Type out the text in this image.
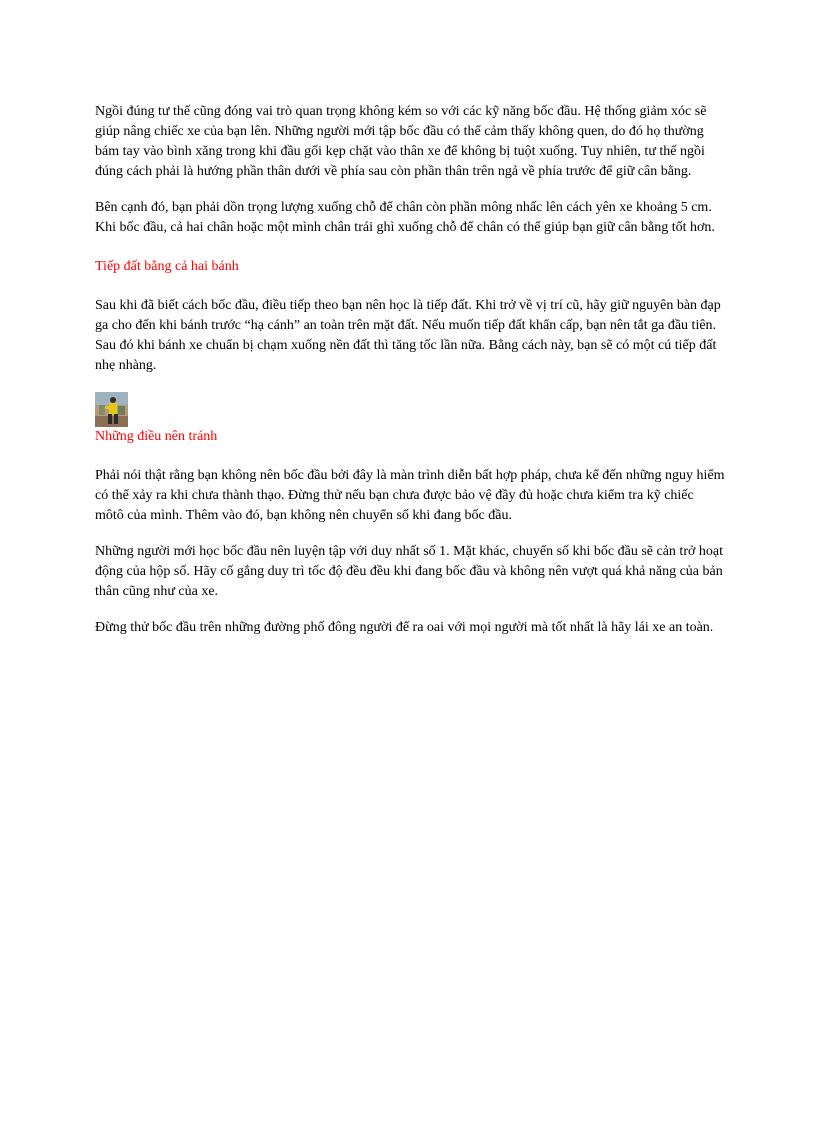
Ngồi đúng tư thế cũng đóng vai trò quan trọng không kém so với các kỹ năng bốc đầu. Hệ thống giảm xóc sẽ giúp nâng chiếc xe của bạn lên. Những người mới tập bốc đầu có thể cảm thấy không quen, do đó họ thường bám tay vào bình xăng trong khi đầu gối kẹp chặt vào thân xe để không bị tuột xuống. Tuy nhiên, tư thế ngồi đúng cách phải là hướng phần thân dưới về phía sau còn phần thân trên ngả về phía trước để giữ cân bằng.

Bên cạnh đó, bạn phải dồn trọng lượng xuống chỗ để chân còn phần mông nhấc lên cách yên xe khoảng 5 cm. Khi bốc đầu, cả hai chân hoặc một mình chân trái ghì xuống chỗ để chân có thể giúp bạn giữ cân bằng tốt hơn.

Tiếp đất bằng cả hai bánh

Sau khi đã biết cách bốc đầu, điều tiếp theo bạn nên học là tiếp đất. Khi trở về vị trí cũ, hãy giữ nguyên bàn đạp ga cho đến khi bánh trước “hạ cánh” an toàn trên mặt đất. Nếu muốn tiếp đất khẩn cấp, bạn nên tắt ga đầu tiên. Sau đó khi bánh xe chuẩn bị chạm xuống nền đất thì tăng tốc lần nữa. Bằng cách này, bạn sẽ có một cú tiếp đất nhẹ nhàng.

Những điều nên tránh

Phải nói thật rằng bạn không nên bốc đầu bởi đây là màn trình diễn bất hợp pháp, chưa kể đến những nguy hiểm có thể xảy ra khi chưa thành thạo. Đừng thử nếu bạn chưa được bảo vệ đầy đủ hoặc chưa kiểm tra kỹ chiếc môtô của mình. Thêm vào đó, bạn không nên chuyển số khi đang bốc đầu.

Những người mới học bốc đầu nên luyện tập với duy nhất số 1. Mặt khác, chuyển số khi bốc đầu sẽ cản trở hoạt động của hộp số. Hãy cố gắng duy trì tốc độ đều đều khi đang bốc đầu và không nên vượt quá khả năng của bản thân cũng như của xe.

Đừng thử bốc đầu trên những đường phố đông người để ra oai với mọi người mà tốt nhất là hãy lái xe an toàn.
